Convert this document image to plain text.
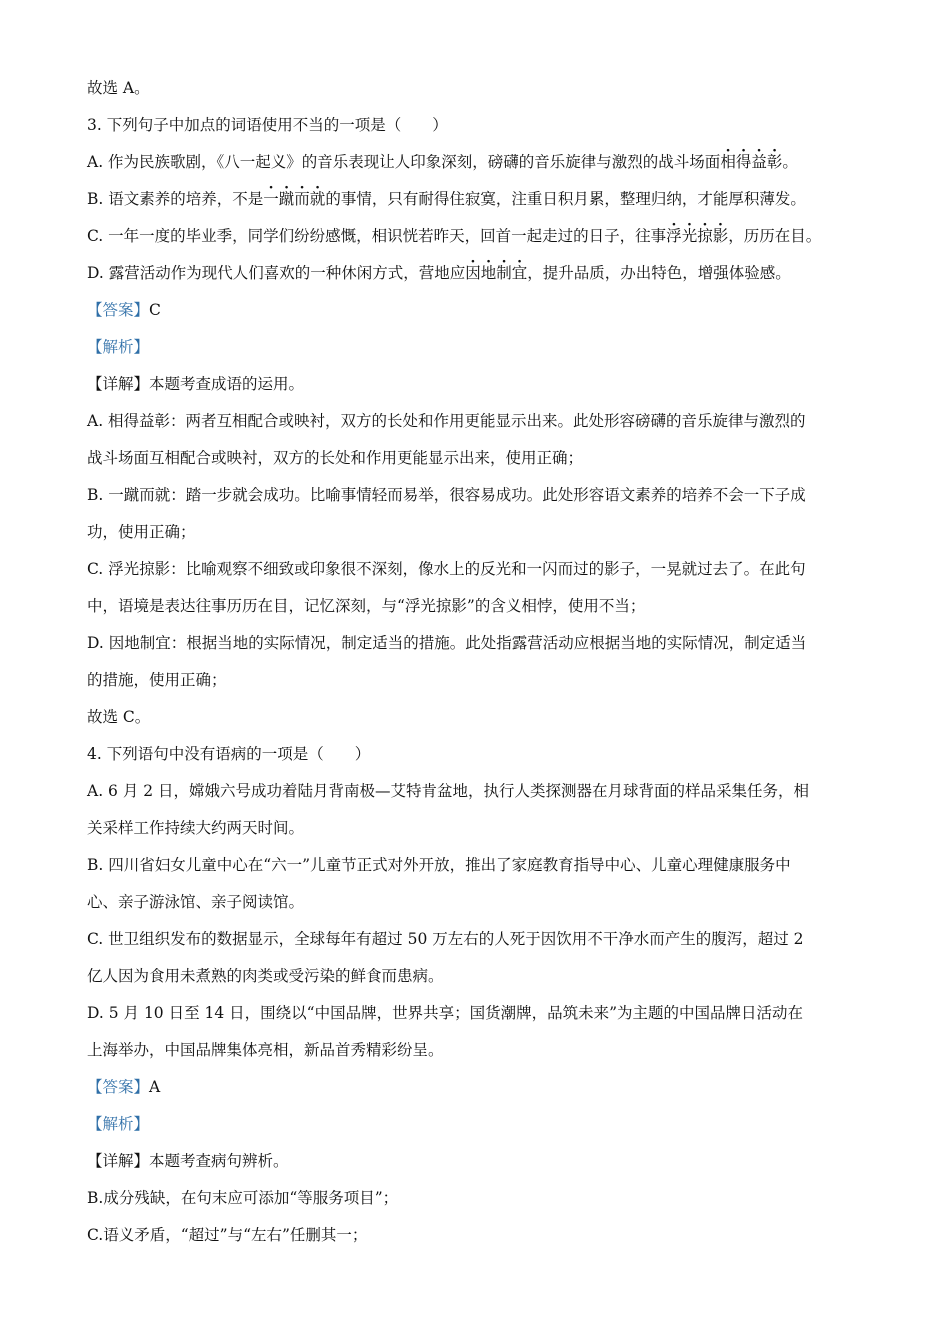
故选 A。
3. 下列句子中加点的词语使用不当的一项是（　　）
A. 作为民族歌剧，《八一起义》的音乐表现让人印象深刻，磅礴的音乐旋律与激烈的战斗场面相得益彰。
B. 语文素养的培养，不是一蹴而就的事情，只有耐得住寂寞，注重日积月累，整理归纳，才能厚积薄发。
C. 一年一度的毕业季，同学们纷纷感慨，相识恍若昨天，回首一起走过的日子，往事浮光掠影，历历在目。
D. 露营活动作为现代人们喜欢的一种休闲方式，营地应因地制宜，提升品质，办出特色，增强体验感。
【答案】C
【解析】
【详解】本题考查成语的运用。
A. 相得益彰：两者互相配合或映衬，双方的长处和作用更能显示出来。此处形容磅礴的音乐旋律与激烈的
战斗场面互相配合或映衬，双方的长处和作用更能显示出来，使用正确；
B. 一蹴而就：踏一步就会成功。比喻事情轻而易举，很容易成功。此处形容语文素养的培养不会一下子成
功，使用正确；
C. 浮光掠影：比喻观察不细致或印象很不深刻，像水上的反光和一闪而过的影子，一晃就过去了。在此句
中，语境是表达往事历历在目，记忆深刻，与“浮光掠影”的含义相悖，使用不当；
D. 因地制宜：根据当地的实际情况，制定适当的措施。此处指露营活动应根据当地的实际情况，制定适当
的措施，使用正确；
故选 C。
4. 下列语句中没有语病的一项是（　　）
A. 6 月 2 日，嫦娥六号成功着陆月背南极—艾特肯盆地，执行人类探测器在月球背面的样品采集任务，相
关采样工作持续大约两天时间。
B. 四川省妇女儿童中心在“六一”儿童节正式对外开放，推出了家庭教育指导中心、儿童心理健康服务中
心、亲子游泳馆、亲子阅读馆。
C. 世卫组织发布的数据显示，全球每年有超过 50 万左右的人死于因饮用不干净水而产生的腹泻，超过 2
亿人因为食用未煮熟的肉类或受污染的鲜食而患病。
D. 5 月 10 日至 14 日，围绕以“中国品牌，世界共享；国货潮牌，品筑未来”为主题的中国品牌日活动在
上海举办，中国品牌集体亮相，新品首秀精彩纷呈。
【答案】A
【解析】
【详解】本题考查病句辨析。
B.成分残缺，在句末应可添加“等服务项目”；
C.语义矛盾，“超过”与“左右”任删其一；
